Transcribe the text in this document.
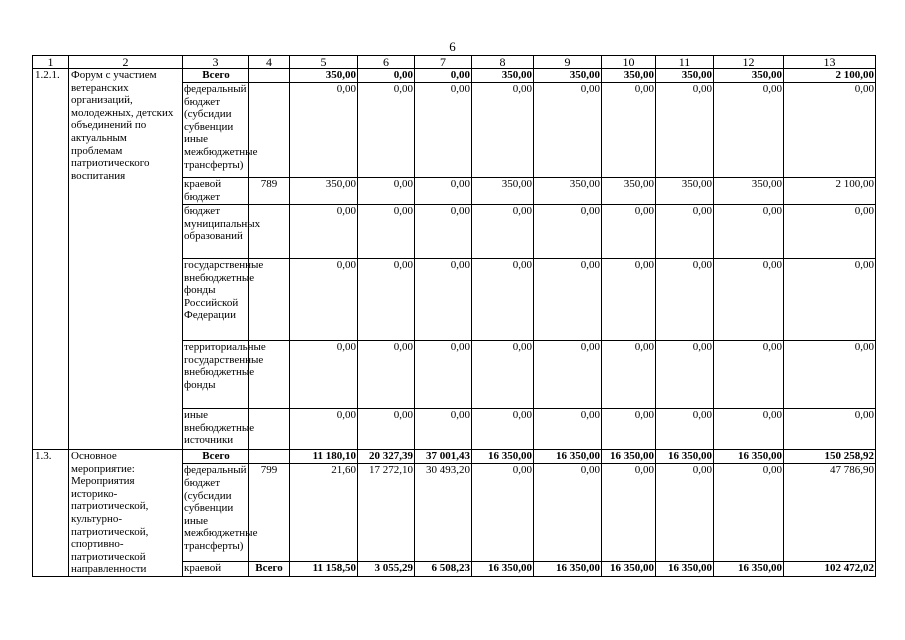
6
1	2	3	4	5	6	7	8	9	10	11	12	13
1.2.1.	Форум с участием ветеранских организаций, молодежных, детских объединений по актуальным проблемам патриотического воспитания	Всего		350,00	0,00	0,00	350,00	350,00	350,00	350,00	350,00	2 100,00
		федеральный бюджет (субсидии субвенции иные межбюджетные трансферты)		0,00	0,00	0,00	0,00	0,00	0,00	0,00	0,00	0,00
		краевой бюджет	789	350,00	0,00	0,00	350,00	350,00	350,00	350,00	350,00	2 100,00
		бюджет муниципальных образований		0,00	0,00	0,00	0,00	0,00	0,00	0,00	0,00	0,00
		государственные внебюджетные фонды Российской Федерации		0,00	0,00	0,00	0,00	0,00	0,00	0,00	0,00	0,00
		территориальные государственные внебюджетные фонды		0,00	0,00	0,00	0,00	0,00	0,00	0,00	0,00	0,00
		иные внебюджетные источники		0,00	0,00	0,00	0,00	0,00	0,00	0,00	0,00	0,00
1.3.	Основное мероприятие: Мероприятия историко-патриотической, культурно-патриотической, спортивно-патриотической направленности	Всего		11 180,10	20 327,39	37 001,43	16 350,00	16 350,00	16 350,00	16 350,00	16 350,00	150 258,92
		федеральный бюджет (субсидии субвенции иные межбюджетные трансферты)	799	21,60	17 272,10	30 493,20	0,00	0,00	0,00	0,00	0,00	47 786,90
		краевой	Всего	11 158,50	3 055,29	6 508,23	16 350,00	16 350,00	16 350,00	16 350,00	16 350,00	102 472,02
